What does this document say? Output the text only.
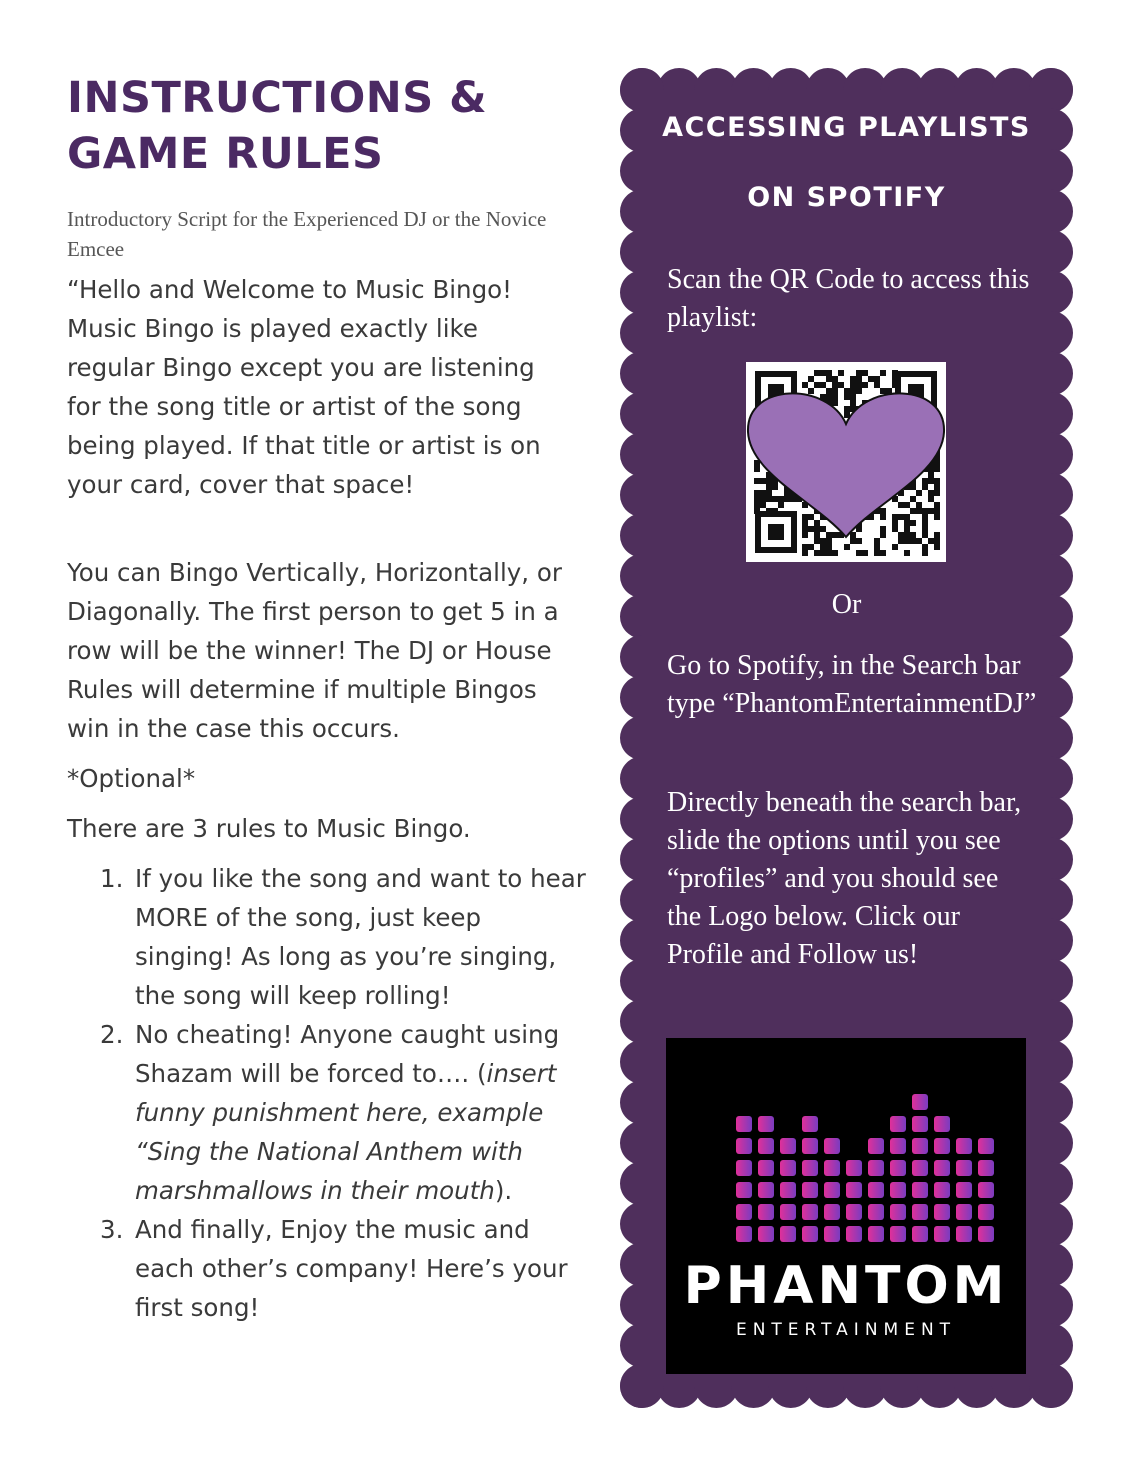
INSTRUCTIONS &
GAME RULES

Introductory Script for the Experienced DJ or the Novice Emcee

“Hello and Welcome to Music Bingo! Music Bingo is played exactly like regular Bingo except you are listening for the song title or artist of the song being played. If that title or artist is on your card, cover that space!

You can Bingo Vertically, Horizontally, or Diagonally. The first person to get 5 in a row will be the winner! The DJ or House Rules will determine if multiple Bingos win in the case this occurs.

*Optional*

There are 3 rules to Music Bingo.

1. If you like the song and want to hear MORE of the song, just keep singing! As long as you’re singing, the song will keep rolling!
2. No cheating! Anyone caught using Shazam will be forced to…. (insert funny punishment here, example “Sing the National Anthem with marshmallows in their mouth).
3. And finally, Enjoy the music and each other’s company! Here’s your first song!
ACCESSING PLAYLISTS
ON SPOTIFY
Scan the QR Code to access this playlist:
Or
Go to Spotify, in the Search bar type “PhantomEntertainmentDJ”
Directly beneath the search bar, slide the options until you see “profiles” and you should see the Logo below. Click our Profile and Follow us!
PHANTOM
ENTERTAINMENT
